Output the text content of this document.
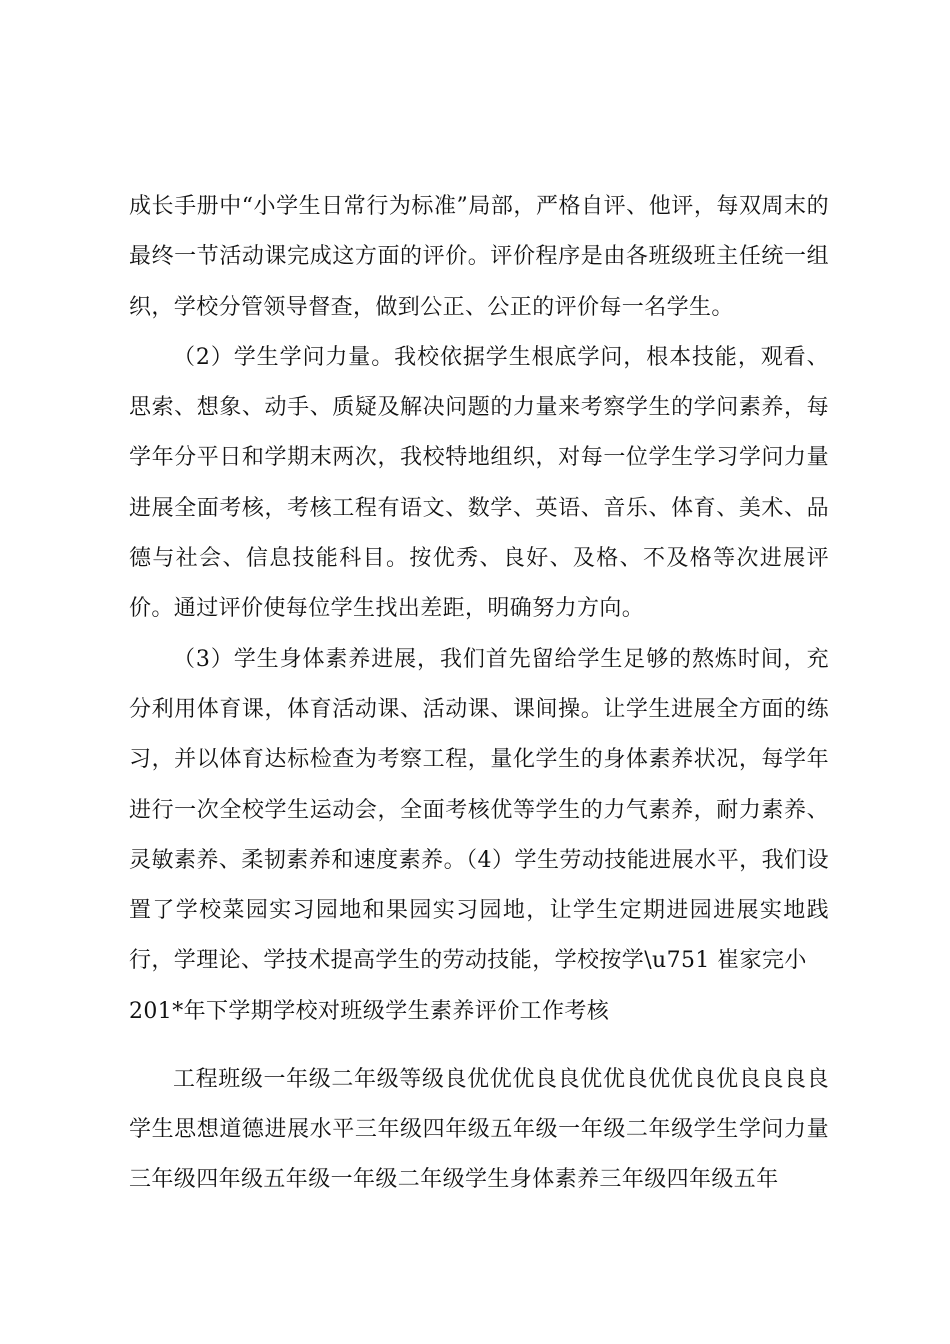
成长手册中“小学生日常行为标准”局部，严格自评、他评，每双周末的最终一节活动课完成这方面的评价。评价程序是由各班级班主任统一组织，学校分管领导督查，做到公正、公正的评价每一名学生。

（2）学生学问力量。我校依据学生根底学问，根本技能，观看、思索、想象、动手、质疑及解决问题的力量来考察学生的学问素养，每学年分平日和学期末两次，我校特地组织，对每一位学生学习学问力量进展全面考核，考核工程有语文、数学、英语、音乐、体育、美术、品德与社会、信息技能科目。按优秀、良好、及格、不及格等次进展评价。通过评价使每位学生找出差距，明确努力方向。

（3）学生身体素养进展，我们首先留给学生足够的熬炼时间，充分利用体育课，体育活动课、活动课、课间操。让学生进展全方面的练习，并以体育达标检查为考察工程，量化学生的身体素养状况，每学年进行一次全校学生运动会，全面考核优等学生的力气素养，耐力素养、灵敏素养、柔韧素养和速度素养。（4）学生劳动技能进展水平，我们设置了学校菜园实习园地和果园实习园地，让学生定期进园进展实地践行，学理论、学技术提高学生的劳动技能，学校按学\u751 崔家完小

201*年下学期学校对班级学生素养评价工作考核

工程班级一年级二年级等级良优优优良良优优良优优良优良良良良学生思想道德进展水平三年级四年级五年级一年级二年级学生学问力量三年级四年级五年级一年级二年级学生身体素养三年级四年级五年
